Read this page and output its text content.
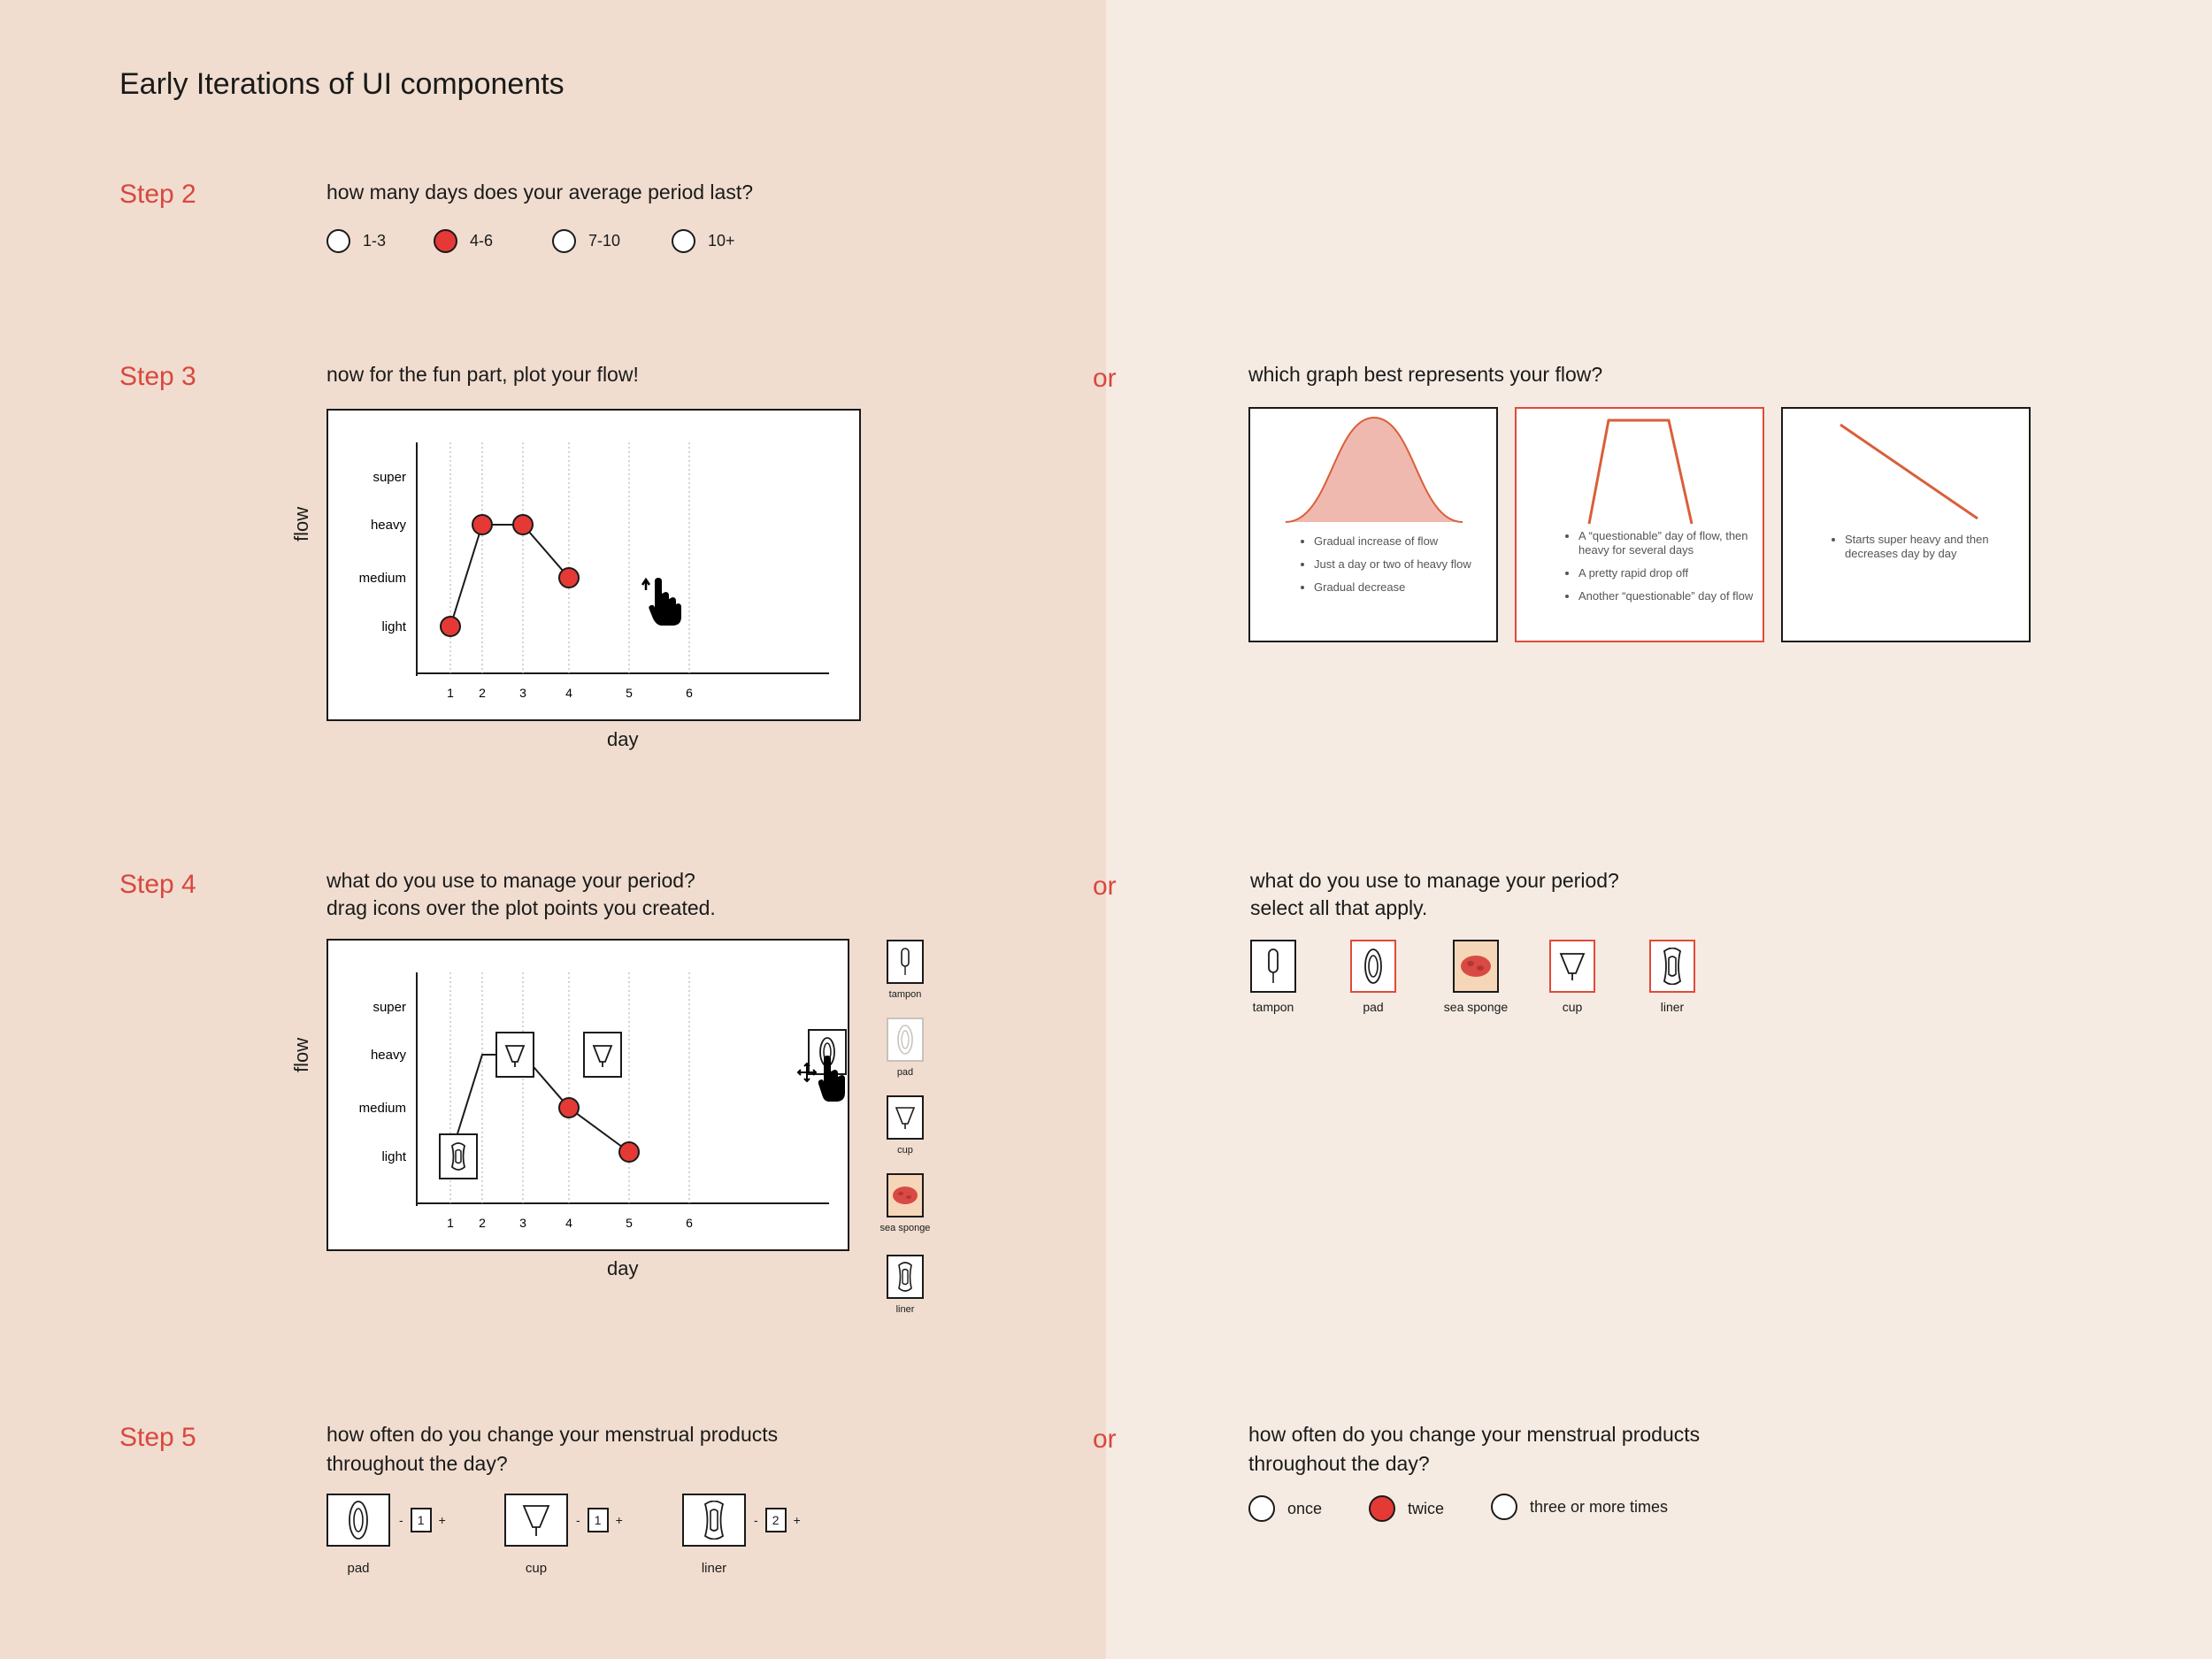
Early Iterations of UI components
Step 2	how many days does your average period last?
1-3	4-6	7-10	10+
Step 3	now for the fun part, plot your flow!	or
super
heavy
medium
light
1 2	3	4	5	6
flow
day
which graph best represents your flow?
• Gradual increase of flow
• Just a day or two of heavy flow
• Gradual decrease
• A “questionable” day of flow, then heavy for several days
• A pretty rapid drop off
• Another “questionable” day of flow
• Starts super heavy and then decreases day by day
Step 4	what do you use to manage your period?
drag icons over the plot points you created.
or
super
heavy
medium
light
1 2	3	4	5	6
flow
day
tampon
pad
cup
sea sponge
liner
what do you use to manage your period?
select all that apply.
tampon	pad	sea sponge	cup	liner
Step 5	how often do you change your menstrual products
throughout the day?
or
pad
-	1	+
cup
-	1	+
liner
-	2	+
how often do you change your menstrual products
throughout the day?
once	twice	three or more times
